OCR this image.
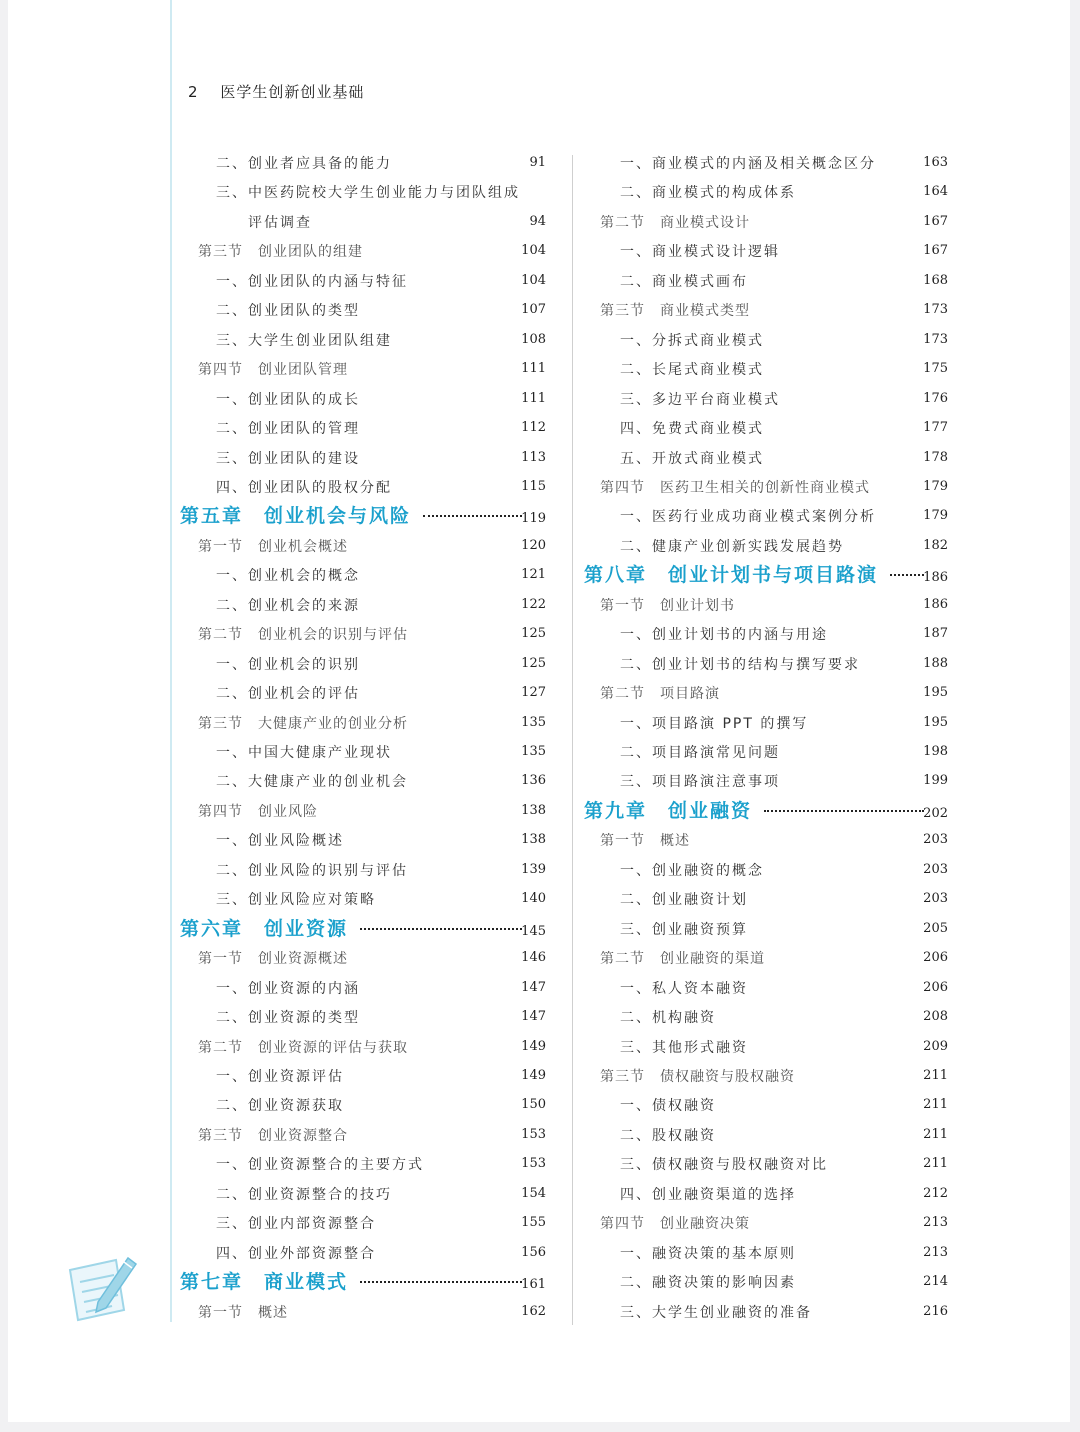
2 医学生创新创业基础
二、创业者应具备的能力	91
三、中医药院校大学生创业能力与团队组成
评估调查	94
第三节　创业团队的组建	104
一、创业团队的内涵与特征	104
二、创业团队的类型	107
三、大学生创业团队组建	108
第四节　创业团队管理	111
一、创业团队的成长	111
二、创业团队的管理	112
三、创业团队的建设	113
四、创业团队的股权分配	115
第五章　创业机会与风险	119
第一节　创业机会概述	120
一、创业机会的概念	121
二、创业机会的来源	122
第二节　创业机会的识别与评估	125
一、创业机会的识别	125
二、创业机会的评估	127
第三节　大健康产业的创业分析	135
一、中国大健康产业现状	135
二、大健康产业的创业机会	136
第四节　创业风险	138
一、创业风险概述	138
二、创业风险的识别与评估	139
三、创业风险应对策略	140
第六章　创业资源	145
第一节　创业资源概述	146
一、创业资源的内涵	147
二、创业资源的类型	147
第二节　创业资源的评估与获取	149
一、创业资源评估	149
二、创业资源获取	150
第三节　创业资源整合	153
一、创业资源整合的主要方式	153
二、创业资源整合的技巧	154
三、创业内部资源整合	155
四、创业外部资源整合	156
第七章　商业模式	161
第一节　概述	162
一、商业模式的内涵及相关概念区分	163
二、商业模式的构成体系	164
第二节　商业模式设计	167
一、商业模式设计逻辑	167
二、商业模式画布	168
第三节　商业模式类型	173
一、分拆式商业模式	173
二、长尾式商业模式	175
三、多边平台商业模式	176
四、免费式商业模式	177
五、开放式商业模式	178
第四节　医药卫生相关的创新性商业模式	179
一、医药行业成功商业模式案例分析	179
二、健康产业创新实践发展趋势	182
第八章　创业计划书与项目路演	186
第一节　创业计划书	186
一、创业计划书的内涵与用途	187
二、创业计划书的结构与撰写要求	188
第二节　项目路演	195
一、项目路演 PPT 的撰写	195
二、项目路演常见问题	198
三、项目路演注意事项	199
第九章　创业融资	202
第一节　概述	203
一、创业融资的概念	203
二、创业融资计划	203
三、创业融资预算	205
第二节　创业融资的渠道	206
一、私人资本融资	206
二、机构融资	208
三、其他形式融资	209
第三节　债权融资与股权融资	211
一、债权融资	211
二、股权融资	211
三、债权融资与股权融资对比	211
四、创业融资渠道的选择	212
第四节　创业融资决策	213
一、融资决策的基本原则	213
二、融资决策的影响因素	214
三、大学生创业融资的准备	216
